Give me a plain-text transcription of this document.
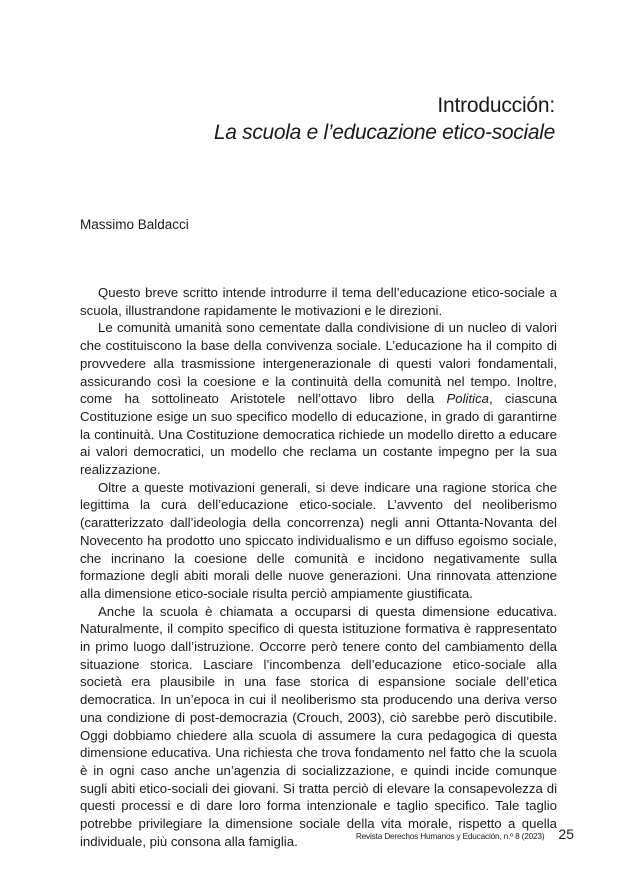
Introducción:
La scuola e l’educazione etico-sociale
Massimo Baldacci

Questo breve scritto intende introdurre il tema dell’educazione etico-sociale a scuola, illustrandone rapidamente le motivazioni e le direzioni.

Le comunità umanità sono cementate dalla condivisione di un nucleo di valori che costituiscono la base della convivenza sociale. L’educazione ha il compito di provvedere alla trasmissione intergenerazionale di questi valori fondamentali, assicurando così la coesione e la continuità della comunità nel tempo. Inoltre, come ha sottolineato Aristotele nell’ottavo libro della Politica, ciascuna Costituzione esige un suo specifico modello di educazione, in grado di garantirne la continuità. Una Costituzione democratica richiede un modello diretto a educare ai valori democratici, un modello che reclama un costante impegno per la sua realizzazione.

Oltre a queste motivazioni generali, si deve indicare una ragione storica che legittima la cura dell’educazione etico-sociale. L’avvento del neoliberismo (caratterizzato dall’ideologia della concorrenza) negli anni Ottanta-Novanta del Novecento ha prodotto uno spiccato individualismo e un diffuso egoismo sociale, che incrinano la coesione delle comunità e incidono negativamente sulla formazione degli abiti morali delle nuove generazioni. Una rinnovata attenzione alla dimensione etico-sociale risulta perciò ampiamente giustificata.

Anche la scuola è chiamata a occuparsi di questa dimensione educativa. Naturalmente, il compito specifico di questa istituzione formativa è rappresentato in primo luogo dall’istruzione. Occorre però tenere conto del cambiamento della situazione storica. Lasciare l’incombenza dell’educazione etico-sociale alla società era plausibile in una fase storica di espansione sociale dell’etica democratica. In un’epoca in cui il neoliberismo sta producendo una deriva verso una condizione di post-democrazia (Crouch, 2003), ciò sarebbe però discutibile. Oggi dobbiamo chiedere alla scuola di assumere la cura pedagogica di questa dimensione educativa. Una richiesta che trova fondamento nel fatto che la scuola è in ogni caso anche un’agenzia di socializzazione, e quindi incide comunque sugli abiti etico-sociali dei giovani. Si tratta perciò di elevare la consapevolezza di questi processi e di dare loro forma intenzionale e taglio specifico. Tale taglio potrebbe privilegiare la dimensione sociale della vita morale, rispetto a quella individuale, più consona alla famiglia.	Revista Derechos Humanos y Educación, n.º 8 (2023) 25
